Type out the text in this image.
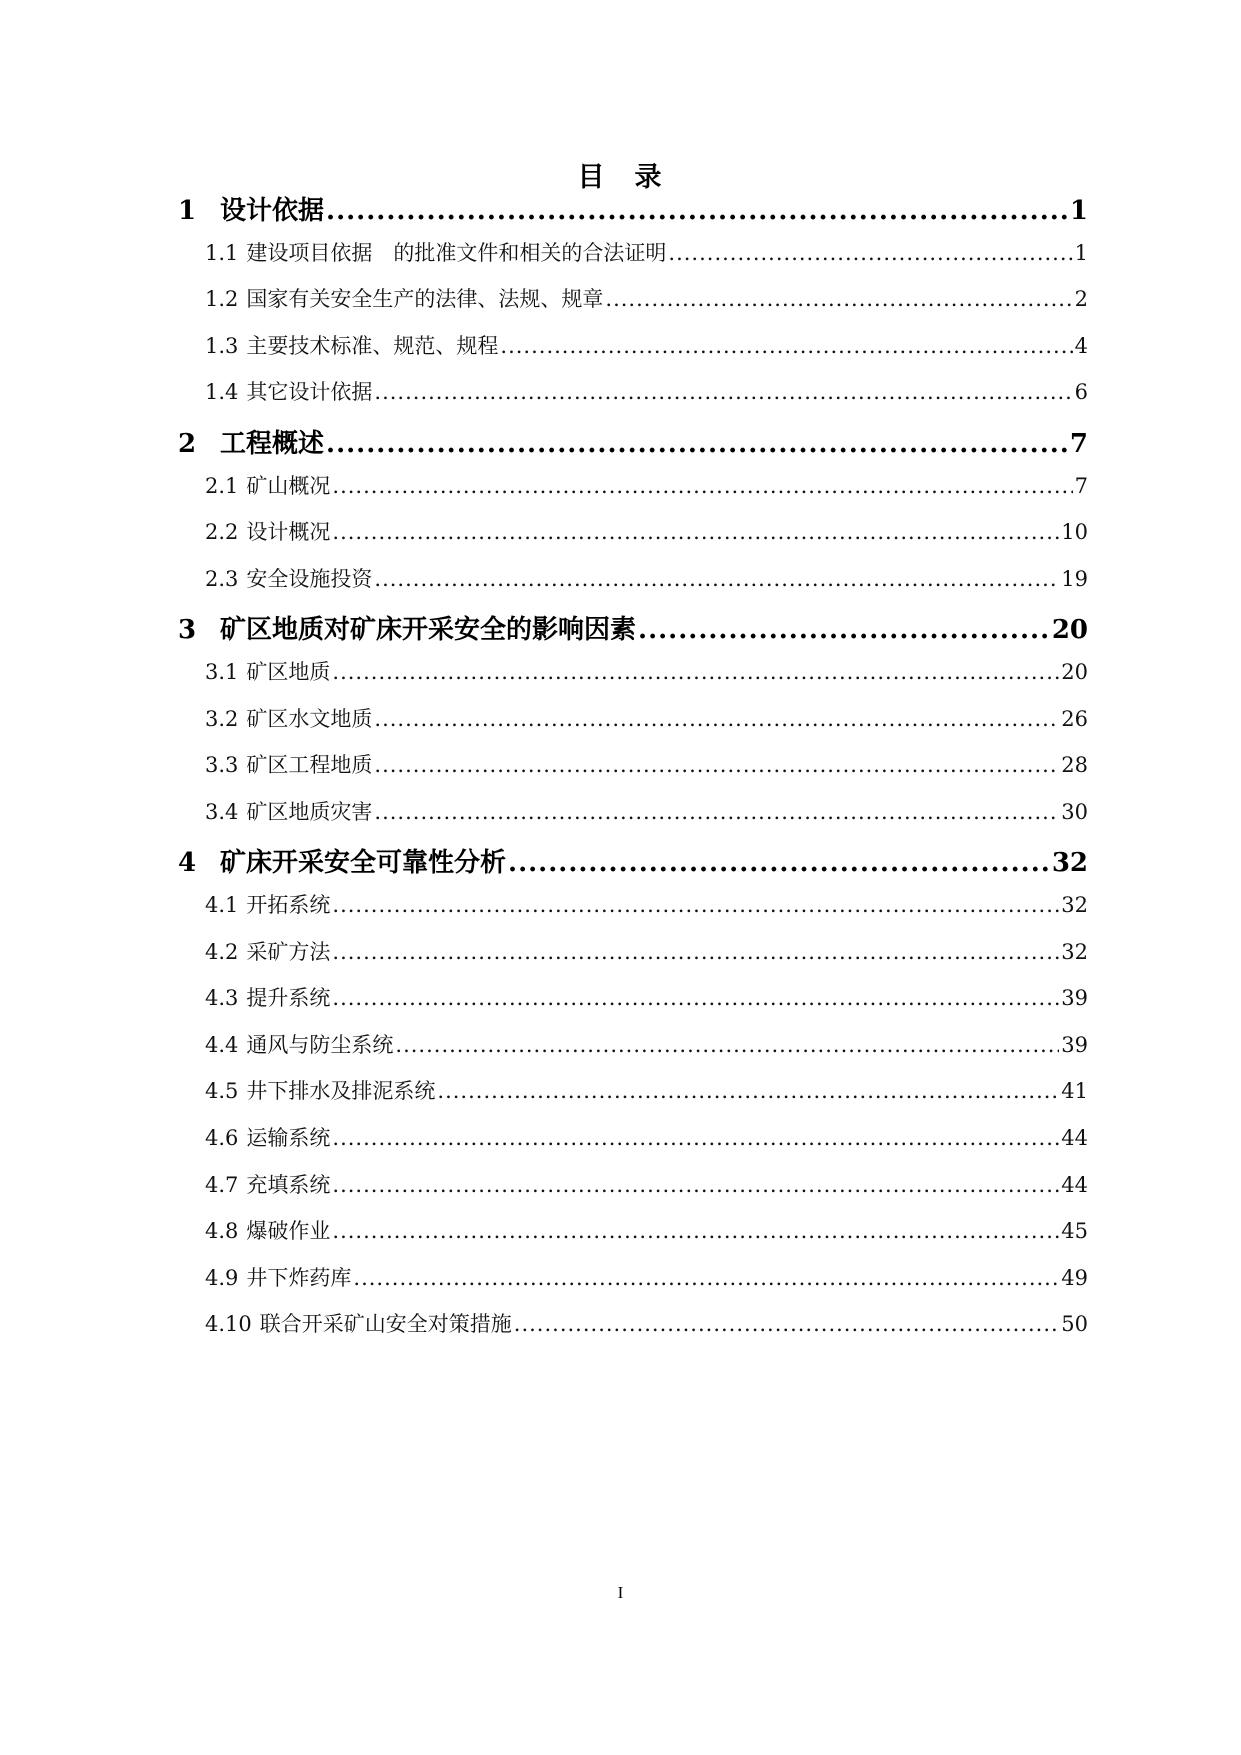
目 录
1 设计依据 .....	1
1.1 建设项目依据　的批准文件和相关的合法证明 .....	1
1.2 国家有关安全生产的法律、法规、规章 .....	2
1.3 主要技术标准、规范、规程 .....	4
1.4 其它设计依据 .....	6
2 工程概述 .....	7
2.1 矿山概况 .....	7
2.2 设计概况 .....	10
2.3 安全设施投资 .....	19
3 矿区地质对矿床开采安全的影响因素 .....	20
3.1 矿区地质 .....	20
3.2 矿区水文地质 .....	26
3.3 矿区工程地质 .....	28
3.4 矿区地质灾害 .....	30
4 矿床开采安全可靠性分析 .....	32
4.1 开拓系统 .....	32
4.2 采矿方法 .....	32
4.3 提升系统 .....	39
4.4 通风与防尘系统 .....	39
4.5 井下排水及排泥系统 .....	41
4.6 运输系统 .....	44
4.7 充填系统 .....	44
4.8 爆破作业 .....	45
4.9 井下炸药库 .....	49
4.10 联合开采矿山安全对策措施 .....	50
I
